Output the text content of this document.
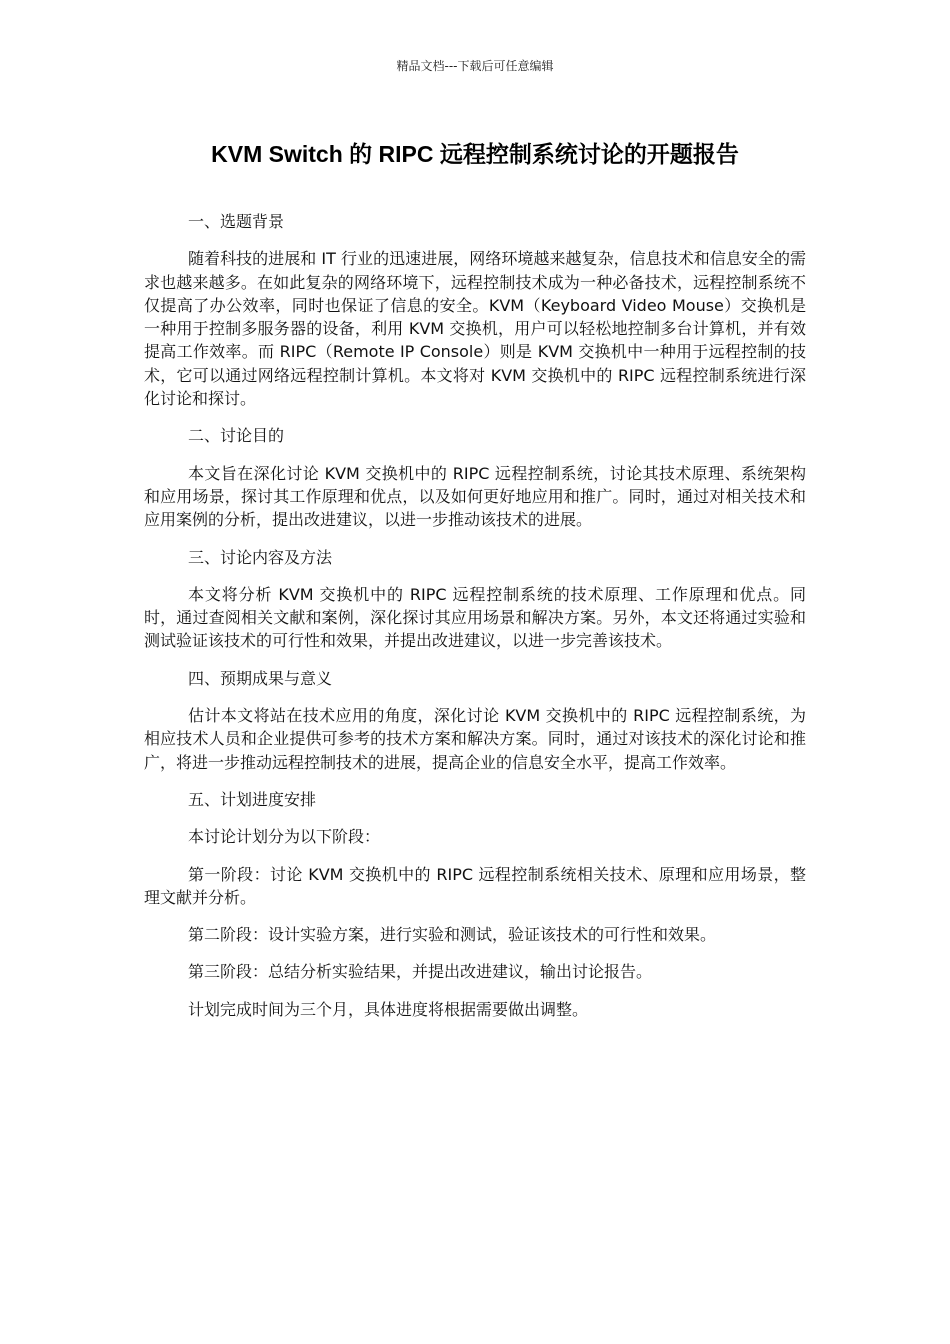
精品文档---下载后可任意编辑
KVM Switch 的 RIPC 远程控制系统讨论的开题报告

一、选题背景

随着科技的进展和 IT 行业的迅速进展，网络环境越来越复杂，信息技术和信息安全的需求也越来越多。在如此复杂的网络环境下，远程控制技术成为一种必备技术，远程控制系统不仅提高了办公效率，同时也保证了信息的安全。KVM（Keyboard Video Mouse）交换机是一种用于控制多服务器的设备，利用 KVM 交换机，用户可以轻松地控制多台计算机，并有效提高工作效率。而 RIPC（Remote IP Console）则是 KVM 交换机中一种用于远程控制的技术，它可以通过网络远程控制计算机。本文将对 KVM 交换机中的 RIPC 远程控制系统进行深化讨论和探讨。

二、讨论目的

本文旨在深化讨论 KVM 交换机中的 RIPC 远程控制系统，讨论其技术原理、系统架构和应用场景，探讨其工作原理和优点，以及如何更好地应用和推广。同时，通过对相关技术和应用案例的分析，提出改进建议，以进一步推动该技术的进展。

三、讨论内容及方法

本文将分析 KVM 交换机中的 RIPC 远程控制系统的技术原理、工作原理和优点。同时，通过查阅相关文献和案例，深化探讨其应用场景和解决方案。另外，本文还将通过实验和测试验证该技术的可行性和效果，并提出改进建议，以进一步完善该技术。

四、预期成果与意义

估计本文将站在技术应用的角度，深化讨论 KVM 交换机中的 RIPC 远程控制系统，为相应技术人员和企业提供可参考的技术方案和解决方案。同时，通过对该技术的深化讨论和推广，将进一步推动远程控制技术的进展，提高企业的信息安全水平，提高工作效率。

五、计划进度安排

本讨论计划分为以下阶段：

第一阶段：讨论 KVM 交换机中的 RIPC 远程控制系统相关技术、原理和应用场景，整理文献并分析。

第二阶段：设计实验方案，进行实验和测试，验证该技术的可行性和效果。

第三阶段：总结分析实验结果，并提出改进建议，输出讨论报告。

计划完成时间为三个月，具体进度将根据需要做出调整。
